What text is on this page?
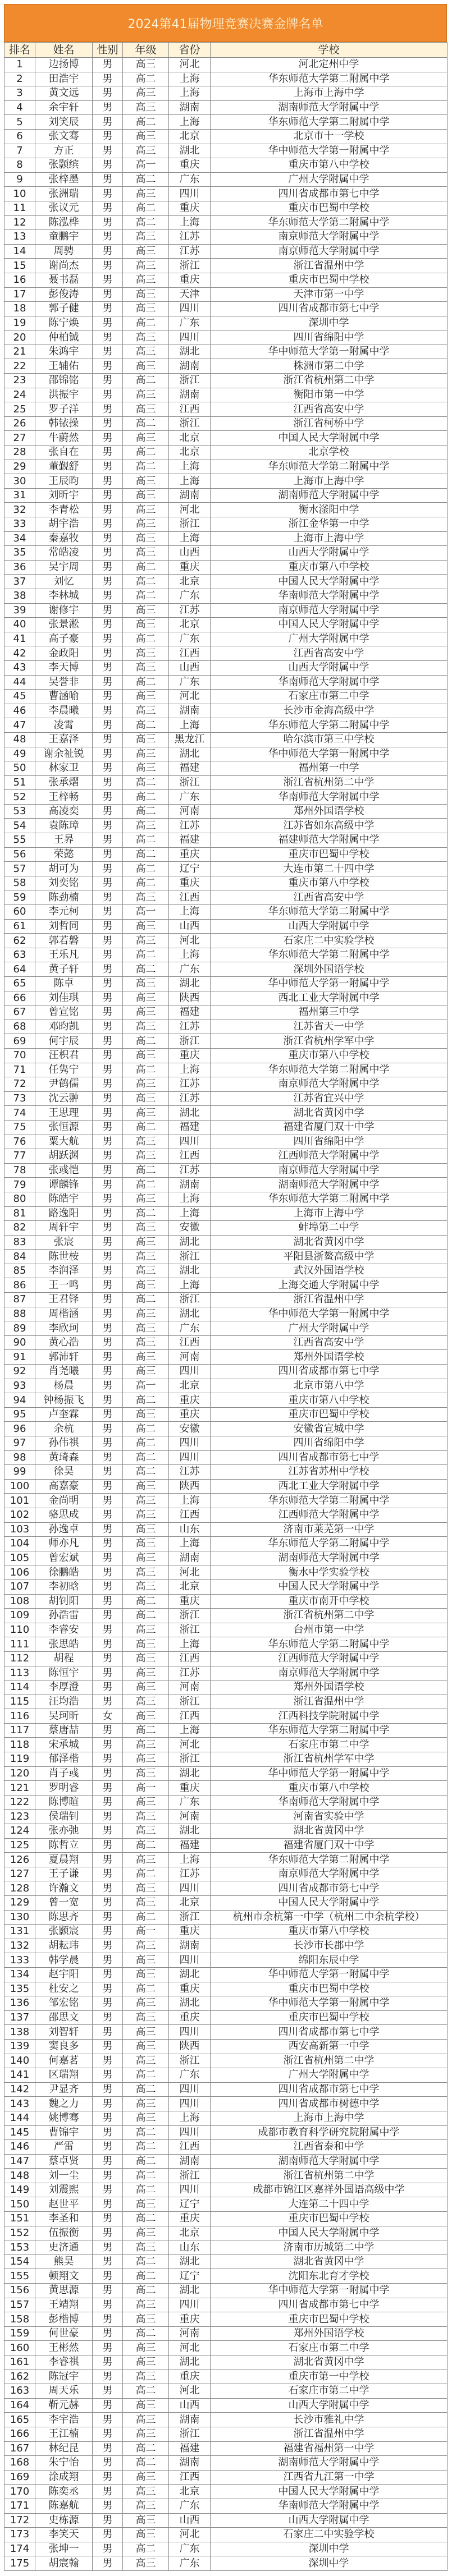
2024第41届物理竞赛决赛金牌名单
排名	姓名	性别	年级	省份	学校
1	边扬博	男	高三	河北	河北定州中学
2	田浩宇	男	高二	上海	华东师范大学第二附属中学
3	黄文远	男	高三	上海	上海市上海中学
4	余宇轩	男	高三	湖南	湖南师范大学附属中学
5	刘笑辰	男	高二	上海	华东师范大学第二附属中学
6	张文骞	男	高三	北京	北京市十一学校
7	方正	男	高三	湖北	华中师范大学第一附属中学
8	张颢缤	男	高一	重庆	重庆市第八中学校
9	张梓墨	男	高二	广东	广州大学附属中学
10	张洲瑞	男	高三	四川	四川省成都市第七中学
11	张议元	男	高二	重庆	重庆市巴蜀中学校
12	陈泓桦	男	高二	上海	华东师范大学第二附属中学
13	童鹏宇	男	高三	江苏	南京师范大学附属中学
14	周骋	男	高三	江苏	南京师范大学附属中学
15	谢尚杰	男	高三	浙江	浙江省温州中学
16	聂书磊	男	高三	重庆	重庆市巴蜀中学校
17	彭俊涛	男	高三	天津	天津市第一中学
18	郭子健	男	高三	四川	四川省成都市第七中学
19	陈宁焕	男	高二	广东	深圳中学
20	仲柏铖	男	高三	四川	四川省绵阳中学
21	朱鸿宇	男	高三	湖北	华中师范大学第一附属中学
22	王辅佑	男	高三	湖南	株洲市第二中学
23	邵锦铭	男	高二	浙江	浙江省杭州第二中学
24	洪振宇	男	高三	湖南	衡阳市第一中学
25	罗子洋	男	高三	江西	江西省高安中学
26	韩铱操	男	高二	浙江	浙江省柯桥中学
27	牛蔚然	男	高三	北京	中国人民大学附属中学
28	张自在	男	高二	北京	北京学校
29	董觐舒	男	高二	上海	华东师范大学第二附属中学
30	王辰昀	男	高三	上海	上海市上海中学
31	刘昕宇	男	高三	湖南	湖南师范大学附属中学
32	李青松	男	高三	河北	衡水滏阳中学
33	胡宇浩	男	高三	浙江	浙江金华第一中学
34	秦嘉牧	男	高三	上海	上海市上海中学
35	常皓凌	男	高三	山西	山西大学附属中学
36	吴宇周	男	高二	重庆	重庆市第八中学校
37	刘忆	男	高二	北京	中国人民大学附属中学
38	李林城	男	高二	广东	华南师范大学附属中学
39	谢修宇	男	高三	江苏	南京师范大学附属中学
40	张景淞	男	高三	北京	中国人民大学附属中学
41	高子豪	男	高二	广东	广州大学附属中学
42	金政阳	男	高三	江西	江西省高安中学
43	李天博	男	高三	山西	山西大学附属中学
44	吴誉非	男	高二	广东	华南师范大学附属中学
45	曹涵喻	男	高三	河北	石家庄市第二中学
46	李晨曦	男	高三	湖南	长沙市金海高级中学
47	凌霄	男	高二	上海	华东师范大学第二附属中学
48	王嘉泽	男	高三	黑龙江	哈尔滨市第三中学校
49	谢余祉锐	男	高三	湖北	华中师范大学第一附属中学
50	林家卫	男	高三	福建	福州第一中学
51	张承熠	男	高二	浙江	浙江省杭州第二中学
52	王梓畅	男	高二	广东	华南师范大学附属中学
53	高凌奕	男	高二	河南	郑州外国语学校
54	袁陈璋	男	高三	江苏	江苏省如东高级中学
55	王昦	男	高二	福建	福建师范大学附属中学
56	荣懿	男	高二	重庆	重庆市巴蜀中学校
57	胡可为	男	高二	辽宁	大连市第二十四中学
58	刘奕铭	男	高二	重庆	重庆市第八中学校
59	陈劲楠	男	高三	江西	江西省高安中学
60	李元柯	男	高一	上海	华东师范大学第二附属中学
61	刘哲同	男	高三	山西	山西大学附属中学
62	郭若磐	男	高三	河北	石家庄二中实验学校
63	王乐凡	男	高二	上海	华东师范大学第二附属中学
64	黄子轩	男	高二	广东	深圳外国语学校
65	陈卓	男	高三	湖北	华中师范大学第一附属中学
66	刘佳琪	男	高三	陕西	西北工业大学附属中学
67	曾宣铭	男	高三	福建	福州第三中学
68	邓昀凯	男	高三	江苏	江苏省天一中学
69	何宇辰	男	高二	浙江	浙江省杭州学军中学
70	汪枳君	男	高三	重庆	重庆市第八中学校
71	任隽宁	男	高二	上海	华东师范大学第二附属中学
72	尹鹤儒	男	高三	江苏	南京师范大学附属中学
73	沈云翀	男	高三	江苏	江苏省宜兴中学
74	王思理	男	高三	湖北	湖北省黄冈中学
75	张恒源	男	高二	福建	福建省厦门双十中学
76	粟大航	男	高三	四川	四川省绵阳中学
77	胡跃渊	男	高三	江西	江西师范大学附属中学
78	张彧恺	男	高二	江苏	南京师范大学附属中学
79	谭麟锋	男	高二	湖南	湖南师范大学附属中学
80	陈皓宇	男	高三	上海	华东师范大学第二附属中学
81	路逸阳	男	高二	上海	上海市上海中学
82	周轩宇	男	高三	安徽	蚌埠第二中学
83	张宸	男	高三	湖北	湖北省黄冈中学
84	陈世桉	男	高三	浙江	平阳县浙鳌高级中学
85	李润泽	男	高三	湖北	武汉外国语学校
86	王一鸣	男	高三	上海	上海交通大学附属中学
87	王君铎	男	高二	浙江	浙江省温州中学
88	周楷涵	男	高三	湖北	华中师范大学第一附属中学
89	李欣珂	男	高三	广东	广州大学附属中学
90	黄心浩	男	高三	江西	江西省高安中学
91	郭沛轩	男	高三	河南	郑州外国语学校
92	肖尧曦	男	高三	四川	四川省成都市第七中学
93	杨晨	男	高一	北京	北京市第八中学
94	钟杨振飞	男	高二	重庆	重庆市第八中学校
95	卢奎霖	男	高三	重庆	重庆市巴蜀中学校
96	余杭	男	高二	安徽	安徽省宣城中学
97	孙伟祺	男	高二	四川	四川省绵阳中学
98	黄琦森	男	高二	四川	四川省成都市第七中学
99	徐昊	男	高二	江苏	江苏省苏州中学校
100	高嘉豪	男	高三	陕西	西北工业大学附属中学
101	金尚明	男	高三	上海	华东师范大学第二附属中学
102	骆思成	男	高三	江西	江西师范大学附属中学
103	孙逸卓	男	高三	山东	济南市莱芜第一中学
104	师亦凡	男	高三	上海	华东师范大学第二附属中学
105	曾宏斌	男	高三	湖南	湖南师范大学附属中学
106	徐鹏皓	男	高三	河北	衡水中学实验学校
107	李初晗	男	高三	北京	中国人民大学附属中学
108	胡钊阳	男	高二	重庆	重庆市南开中学校
109	孙浩雷	男	高二	浙江	浙江省杭州第二中学
110	李睿安	男	高三	浙江	台州市第一中学
111	张思皓	男	高三	上海	华东师范大学第二附属中学
112	胡程	男	高三	江西	江西师范大学附属中学
113	陈恒宇	男	高三	江苏	南京师范大学附属中学
114	李厚澄	男	高三	河南	郑州外国语学校
115	汪均浩	男	高三	浙江	浙江省温州中学
116	吴珂昕	女	高三	江西	江西科技学院附属中学
117	蔡唐喆	男	高二	上海	华东师范大学第二附属中学
118	宋承城	男	高三	河北	石家庄市第二中学
119	郁泽楷	男	高三	浙江	浙江省杭州学军中学
120	肖子彧	男	高三	湖北	华中师范大学第一附属中学
121	罗明睿	男	高一	重庆	重庆市第八中学校
122	陈博暄	男	高三	广东	华南师范大学附属中学
123	侯瑞钊	男	高三	河南	河南省实验中学
124	张亦弛	男	高三	湖北	湖北省黄冈中学
125	陈哲立	男	高二	福建	福建省厦门双十中学
126	夏晨翔	男	高三	上海	华东师范大学第二附属中学
127	王子谦	男	高二	江苏	南京师范大学附属中学
128	许瀚文	男	高三	四川	四川省成都市第七中学
129	曾一宽	男	高三	北京	中国人民大学附属中学
130	陈思齐	男	高二	浙江	杭州市余杭第一中学（杭州二中余杭学校）
131	张颢宸	男	高一	重庆	重庆市第八中学校
132	胡耘玮	男	高三	湖南	长沙市长郡中学
133	韩学晨	男	高三	四川	绵阳东辰中学
134	赵宇阳	男	高三	湖北	华中师范大学第一附属中学
135	杜安之	男	高二	重庆	重庆市巴蜀中学校
136	邹宏铭	男	高三	湖北	华中师范大学第一附属中学
137	邵思文	男	高三	重庆	重庆市巴蜀中学校
138	刘智轩	男	高三	四川	四川省成都市第七中学
139	窦良多	男	高三	陕西	西安高新第一中学
140	何嘉茗	男	高三	浙江	浙江省杭州第二中学
141	区瑞翔	男	高二	广东	广州大学附属中学
142	尹显齐	男	高二	四川	四川省成都市第七中学
143	魏之力	男	高三	四川	四川省成都市树德中学
144	姚博骞	男	高三	上海	上海市上海中学
145	曹锦宇	男	高二	四川	成都市教育科学研究院附属中学
146	严雷	男	高二	江西	江西省泰和中学
147	蔡卓贤	男	高二	湖南	湖南师范大学附属中学
148	刘一尘	男	高二	浙江	浙江省杭州第二中学
149	刘震熙	男	高二	四川	成都市锦江区嘉祥外国语高级中学
150	赵世平	男	高三	辽宁	大连第二十四中学
151	李圣和	男	高二	重庆	重庆市巴蜀中学校
152	伍振衡	男	高三	北京	中国人民大学附属中学
153	史济通	男	高三	山东	济南市历城第二中学
154	熊昊	男	高二	湖北	湖北省黄冈中学
155	顿翔文	男	高二	辽宁	沈阳东北育才学校
156	黄思源	男	高二	湖北	华中师范大学第一附属中学
157	王靖翔	男	高三	四川	四川省成都市第七中学
158	彭楷博	男	高三	重庆	重庆市巴蜀中学校
159	何世豪	男	高二	河南	郑州外国语学校
160	王彬然	男	高三	河北	石家庄市第二中学
161	李睿祺	男	高三	湖北	湖北省黄冈中学
162	陈冠宇	男	高三	重庆	重庆市第一中学校
163	周天乐	男	高二	河北	石家庄市第二中学
164	靳元赫	男	高三	山西	山西大学附属中学
165	李宇浩	男	高三	湖南	长沙市雅礼中学
166	王江楠	男	高三	浙江	浙江省温州中学
167	林纪昆	男	高二	福建	福建省福州第一中学
168	朱宁怡	男	高二	湖南	湖南师范大学附属中学
169	涂成翔	男	高三	江西	江西省九江第一中学
170	陈奕丞	男	高三	北京	中国人民大学附属中学
171	陈嘉航	男	高三	广东	华南师范大学附属中学
172	史栋源	男	高三	山西	山西大学附属中学
173	李笑天	男	高三	河北	石家庄二中实验学校
174	张坤一	男	高二	广东	深圳中学
175	胡宸翰	男	高三	广东	深圳中学
